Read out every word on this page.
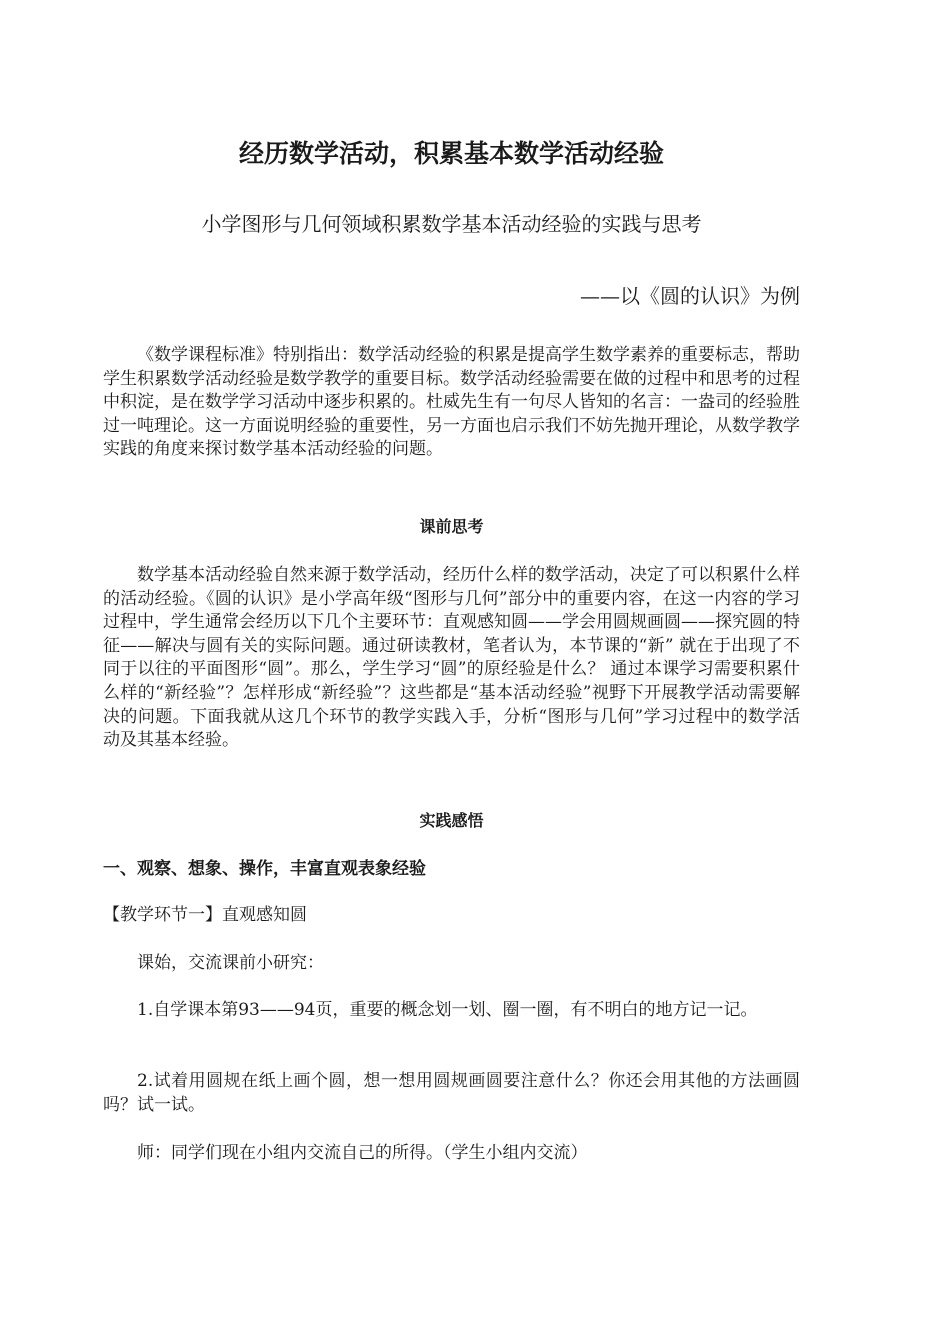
经历数学活动，积累基本数学活动经验

小学图形与几何领域积累数学基本活动经验的实践与思考

——以《圆的认识》为例

《数学课程标准》特别指出：数学活动经验的积累是提高学生数学素养的重要标志，帮助学生积累数学活动经验是数学教学的重要目标。数学活动经验需要在做的过程中和思考的过程中积淀，是在数学学习活动中逐步积累的。杜威先生有一句尽人皆知的名言：一盎司的经验胜过一吨理论。这一方面说明经验的重要性，另一方面也启示我们不妨先抛开理论，从数学教学实践的角度来探讨数学基本活动经验的问题。

课前思考

数学基本活动经验自然来源于数学活动，经历什么样的数学活动，决定了可以积累什么样的活动经验。《圆的认识》是小学高年级“图形与几何”部分中的重要内容，在这一内容的学习过程中，学生通常会经历以下几个主要环节：直观感知圆——学会用圆规画圆——探究圆的特征——解决与圆有关的实际问题。通过研读教材，笔者认为，本节课的“新” 就在于出现了不同于以往的平面图形“圆”。那么，学生学习“圆”的原经验是什么？ 通过本课学习需要积累什么样的“新经验”？怎样形成“新经验”？这些都是“基本活动经验”视野下开展教学活动需要解决的问题。下面我就从这几个环节的教学实践入手，分析“图形与几何”学习过程中的数学活动及其基本经验。

实践感悟
一、观察、想象、操作，丰富直观表象经验

【教学环节一】直观感知圆

课始，交流课前小研究：

1.自学课本第93——94页，重要的概念划一划、圈一圈，有不明白的地方记一记。

2.试着用圆规在纸上画个圆，想一想用圆规画圆要注意什么？你还会用其他的方法画圆吗？试一试。

师：同学们现在小组内交流自己的所得。（学生小组内交流）
